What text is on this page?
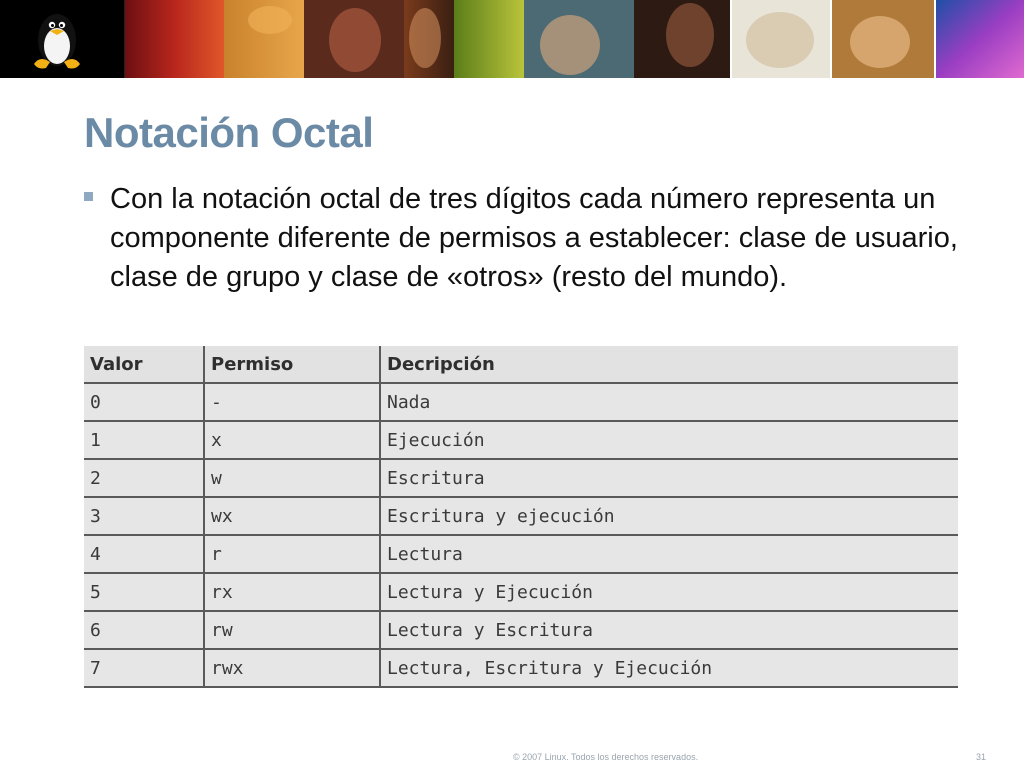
Notación Octal

Con la notación octal de tres dígitos cada número representa un componente diferente de permisos a establecer: clase de usuario, clase de grupo y clase de «otros» (resto del mundo).

Valor	Permiso	Decripción
0	-	Nada
1	x	Ejecución
2	w	Escritura
3	wx	Escritura y ejecución
4	r	Lectura
5	rx	Lectura y Ejecución
6	rw	Lectura y Escritura
7	rwx	Lectura, Escritura y Ejecución
© 2007 Linux. Todos los derechos reservados.	31
